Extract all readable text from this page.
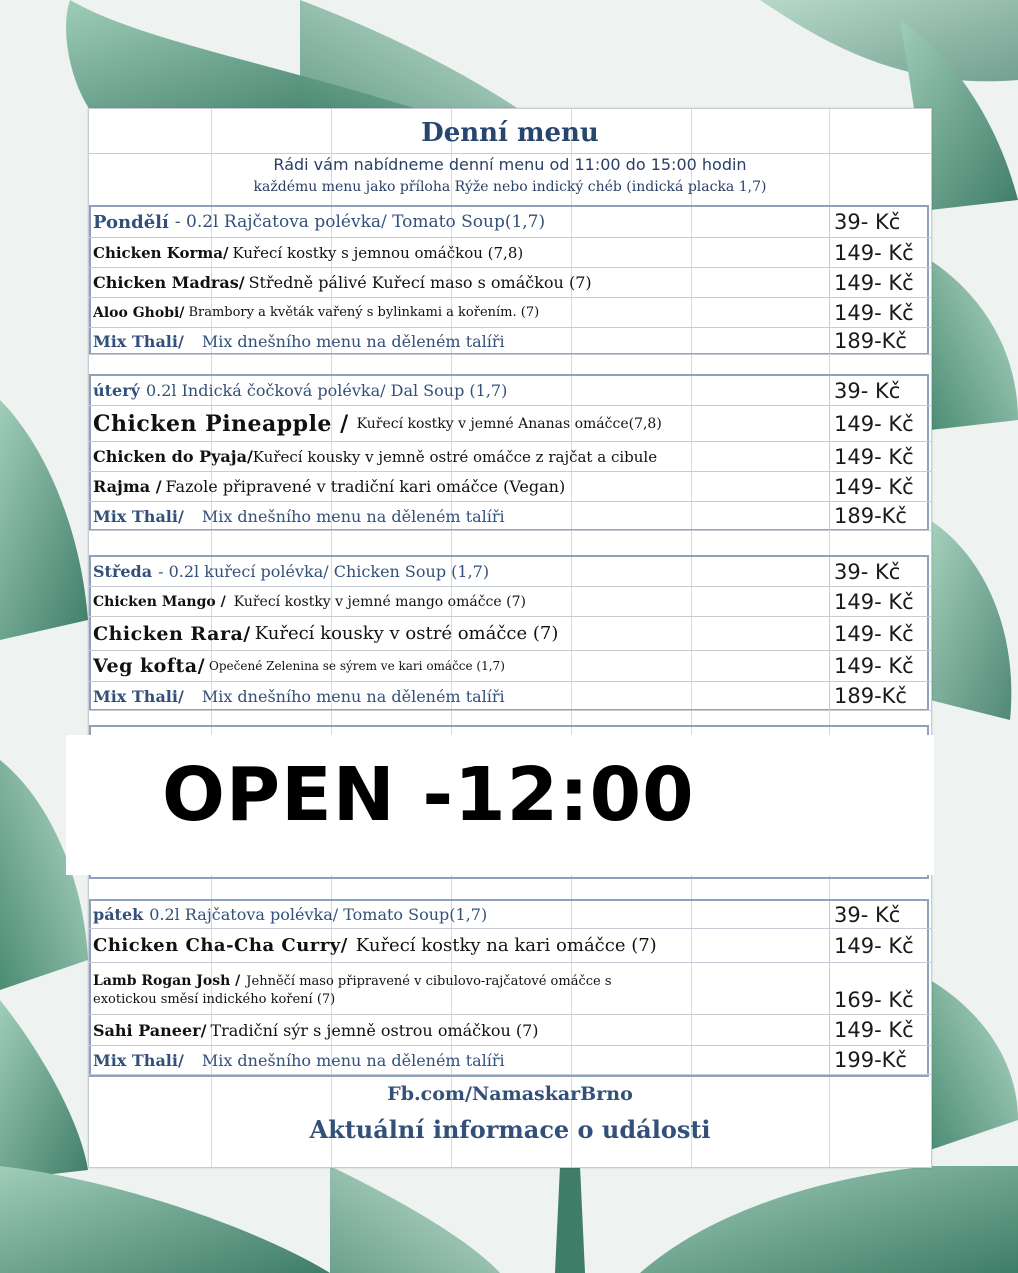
Denní menu
Rádi vám nabídneme denní menu od 11:00 do 15:00 hodin
každému menu jako příloha Rýže nebo indický chéb (indická placka 1,7)
Pondělí - 0.2l Rajčatova polévka/ Tomato Soup(1,7)	39- Kč
Chicken Korma/ Kuřecí kostky s jemnou omáčkou (7,8)	149- Kč
Chicken Madras/ Středně pálivé Kuřecí maso s omáčkou (7)	149- Kč
Aloo Ghobi/ Brambory a květák vařený s bylinkami a kořením. (7)	149- Kč
Mix Thali/ Mix dnešního menu na děleném talíři	189-Kč
úterý 0.2l Indická čočková polévka/ Dal Soup (1,7)	39- Kč
Chicken Pineapple / Kuřecí kostky v jemné Ananas omáčce(7,8)	149- Kč
Chicken do Pyaja/ Kuřecí kousky v jemně ostré omáčce z rajčat a cibule	149- Kč
Rajma / Fazole připravené v tradiční kari omáčce (Vegan)	149- Kč
Mix Thali/ Mix dnešního menu na děleném talíři	189-Kč
Středa - 0.2l kuřecí polévka/ Chicken Soup (1,7)	39- Kč
Chicken Mango / Kuřecí kostky v jemné mango omáčce (7)	149- Kč
Chicken Rara/ Kuřecí kousky v ostré omáčce (7)	149- Kč
Veg kofta/ Opečené Zelenina se sýrem ve kari omáčce (1,7)	149- Kč
Mix Thali/ Mix dnešního menu na děleném talíři	189-Kč
pátek 0.2l Rajčatova polévka/ Tomato Soup(1,7)	39- Kč
Chicken Cha-Cha Curry/ Kuřecí kostky na kari omáčce (7)	149- Kč
Lamb Rogan Josh / Jehněčí maso připravené v cibulovo-rajčatové omáčce s
exotickou směsí indického koření (7)	169- Kč
Sahi Paneer/ Tradiční sýr s jemně ostrou omáčkou (7)	149- Kč
Mix Thali/ Mix dnešního menu na děleném talíři	199-Kč
Fb.com/NamaskarBrno
Aktuální informace o události
OPEN -12:00
